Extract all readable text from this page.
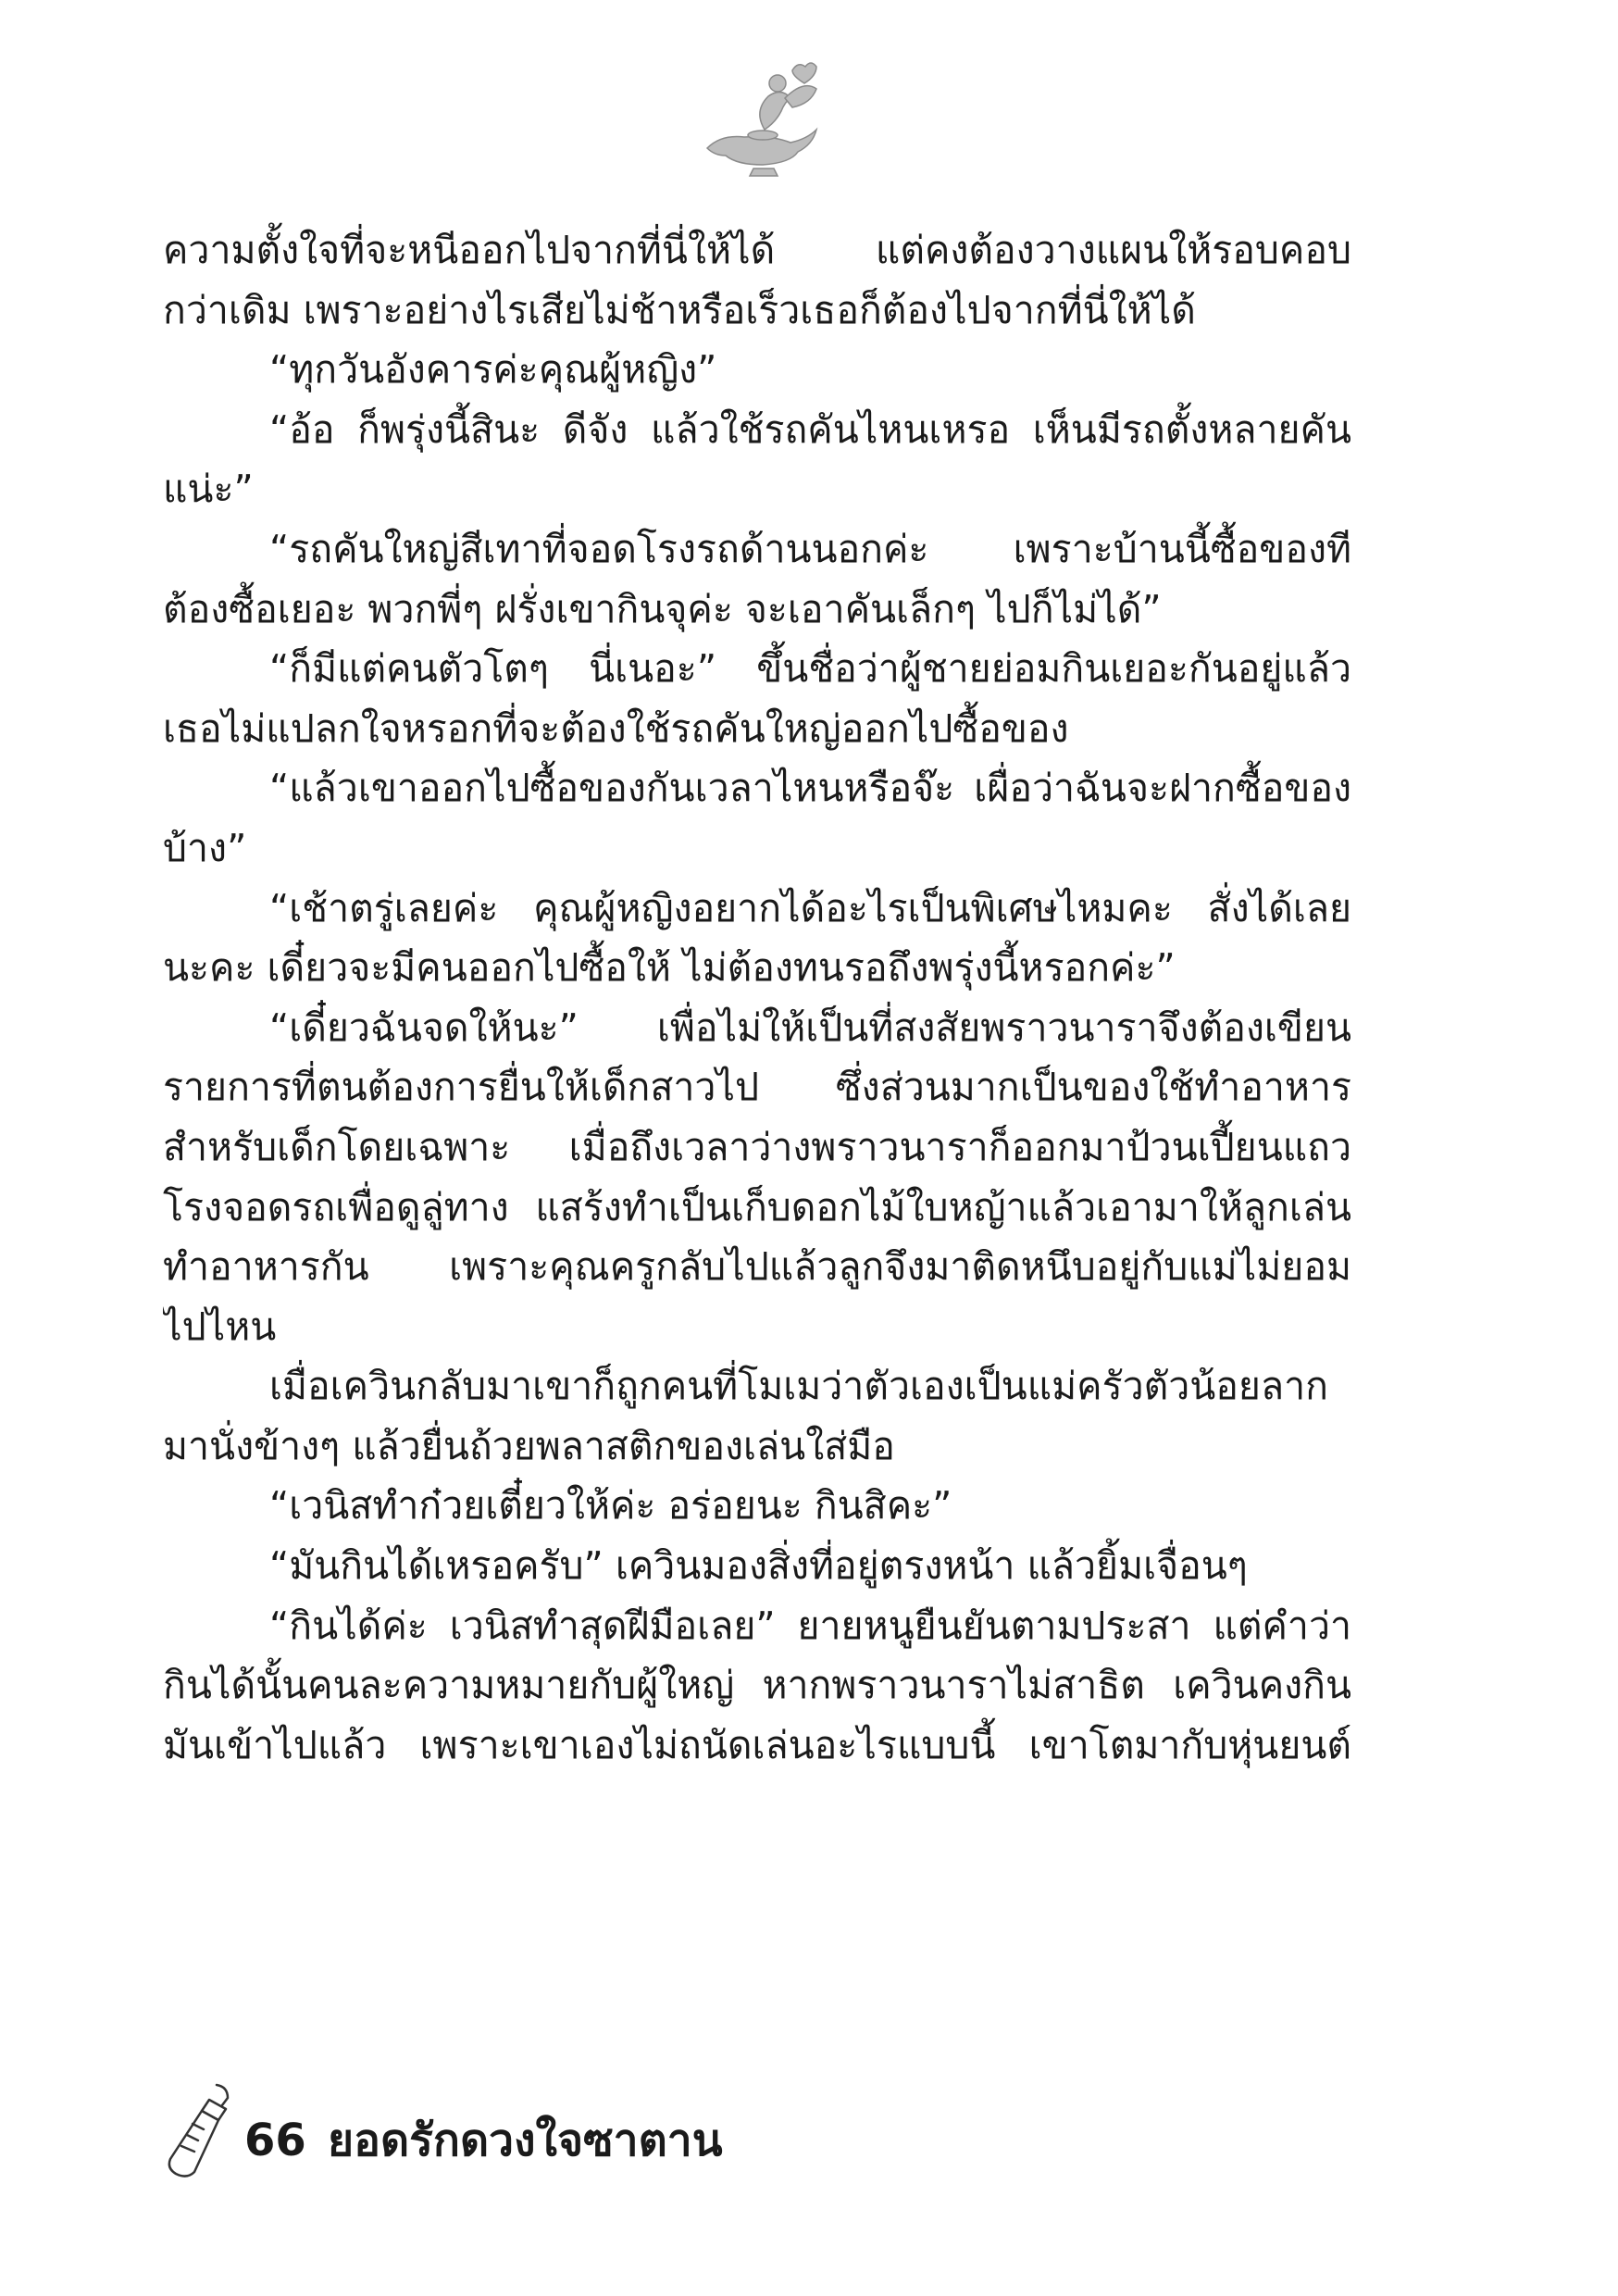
ความตั้งใจที่จะหนีออกไปจากที่นี่ให้ได้ แต่คงต้องวางแผนให้รอบคอบ
กว่าเดิม เพราะอย่างไรเสียไม่ช้าหรือเร็วเธอก็ต้องไปจากที่นี่ให้ได้
“ทุกวันอังคารค่ะคุณผู้หญิง”
“อ้อ ก็พรุ่งนี้สินะ ดีจัง แล้วใช้รถคันไหนเหรอ เห็นมีรถตั้งหลายคัน
แน่ะ”
“รถคันใหญ่สีเทาที่จอดโรงรถด้านนอกค่ะ เพราะบ้านนี้ซื้อของที
ต้องซื้อเยอะ พวกพี่ๆ ฝรั่งเขากินจุค่ะ จะเอาคันเล็กๆ ไปก็ไม่ได้”
“ก็มีแต่คนตัวโตๆ นี่เนอะ” ขึ้นชื่อว่าผู้ชายย่อมกินเยอะกันอยู่แล้ว
เธอไม่แปลกใจหรอกที่จะต้องใช้รถคันใหญ่ออกไปซื้อของ
“แล้วเขาออกไปซื้อของกันเวลาไหนหรือจ๊ะ เผื่อว่าฉันจะฝากซื้อของ
บ้าง”
“เช้าตรู่เลยค่ะ คุณผู้หญิงอยากได้อะไรเป็นพิเศษไหมคะ สั่งได้เลย
นะคะ เดี๋ยวจะมีคนออกไปซื้อให้ ไม่ต้องทนรอถึงพรุ่งนี้หรอกค่ะ”
“เดี๋ยวฉันจดให้นะ” เพื่อไม่ให้เป็นที่สงสัยพราวนาราจึงต้องเขียน
รายการที่ตนต้องการยื่นให้เด็กสาวไป ซึ่งส่วนมากเป็นของใช้ทำอาหาร
สำหรับเด็กโดยเฉพาะ เมื่อถึงเวลาว่างพราวนาราก็ออกมาป้วนเปี้ยนแถว
โรงจอดรถเพื่อดูลู่ทาง แสร้งทำเป็นเก็บดอกไม้ใบหญ้าแล้วเอามาให้ลูกเล่น
ทำอาหารกัน เพราะคุณครูกลับไปแล้วลูกจึงมาติดหนึบอยู่กับแม่ไม่ยอม
ไปไหน
เมื่อเควินกลับมาเขาก็ถูกคนที่โมเมว่าตัวเองเป็นแม่ครัวตัวน้อยลาก
มานั่งข้างๆ แล้วยื่นถ้วยพลาสติกของเล่นใส่มือ
“เวนิสทำก๋วยเตี๋ยวให้ค่ะ อร่อยนะ กินสิคะ”
“มันกินได้เหรอครับ” เควินมองสิ่งที่อยู่ตรงหน้า แล้วยิ้มเจื่อนๆ
“กินได้ค่ะ เวนิสทำสุดฝีมือเลย” ยายหนูยืนยันตามประสา แต่คำว่า
กินได้นั้นคนละความหมายกับผู้ใหญ่ หากพราวนาราไม่สาธิต เควินคงกิน
มันเข้าไปแล้ว เพราะเขาเองไม่ถนัดเล่นอะไรแบบนี้ เขาโตมากับหุ่นยนต์
66 ยอดรักดวงใจซาตาน
